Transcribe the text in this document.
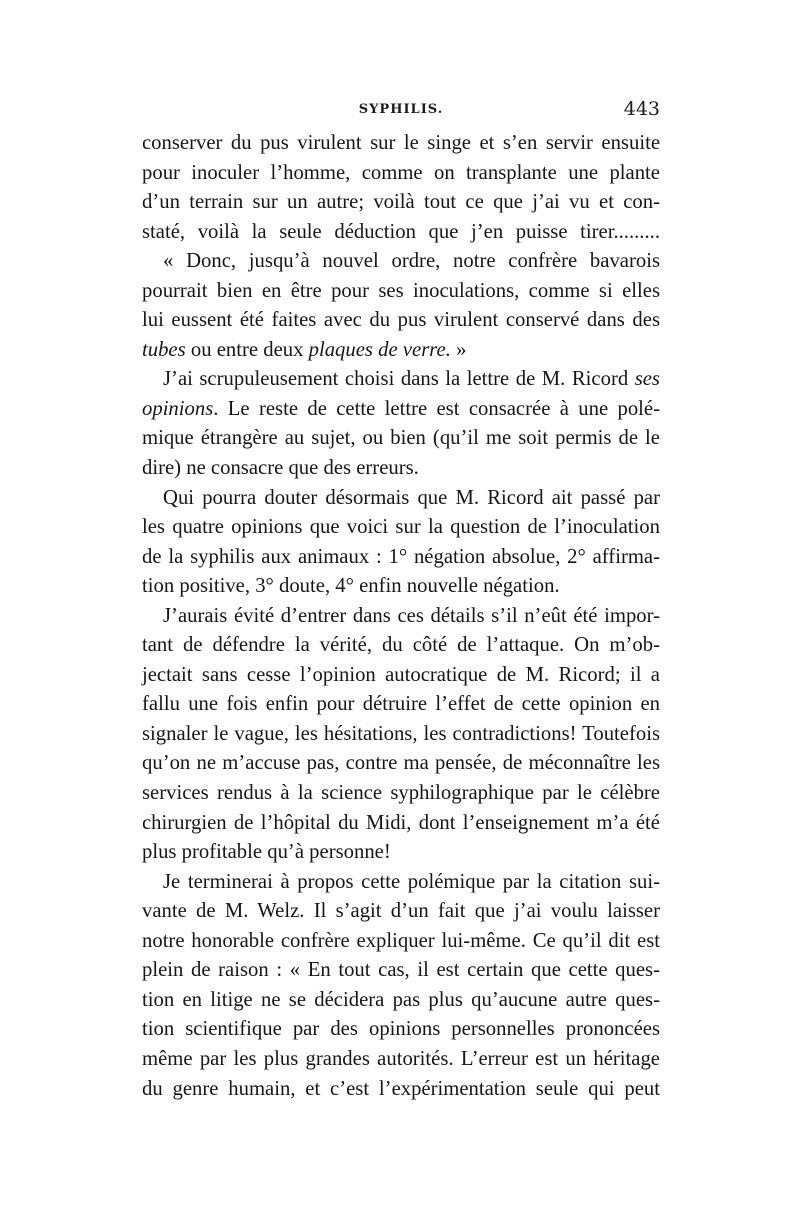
SYPHILIS.	443
conserver du pus virulent sur le singe et s’en servir ensuite
pour inoculer l’homme, comme on transplante une plante
d’un terrain sur un autre; voilà tout ce que j’ai vu et con-
staté, voilà la seule déduction que j’en puisse tirer.........
« Donc, jusqu’à nouvel ordre, notre confrère bavarois
pourrait bien en être pour ses inoculations, comme si elles
lui eussent été faites avec du pus virulent conservé dans des
tubes ou entre deux plaques de verre. »
J’ai scrupuleusement choisi dans la lettre de M. Ricord ses
opinions. Le reste de cette lettre est consacrée à une polé-
mique étrangère au sujet, ou bien (qu’il me soit permis de le
dire) ne consacre que des erreurs.
Qui pourra douter désormais que M. Ricord ait passé par
les quatre opinions que voici sur la question de l’inoculation
de la syphilis aux animaux : 1° négation absolue, 2° affirma-
tion positive, 3° doute, 4° enfin nouvelle négation.
J’aurais évité d’entrer dans ces détails s’il n’eût été impor-
tant de défendre la vérité, du côté de l’attaque. On m’ob-
jectait sans cesse l’opinion autocratique de M. Ricord; il a
fallu une fois enfin pour détruire l’effet de cette opinion en
signaler le vague, les hésitations, les contradictions! Toutefois
qu’on ne m’accuse pas, contre ma pensée, de méconnaître les
services rendus à la science syphilographique par le célèbre
chirurgien de l’hôpital du Midi, dont l’enseignement m’a été
plus profitable qu’à personne!
Je terminerai à propos cette polémique par la citation sui-
vante de M. Welz. Il s’agit d’un fait que j’ai voulu laisser
notre honorable confrère expliquer lui-même. Ce qu’il dit est
plein de raison : « En tout cas, il est certain que cette ques-
tion en litige ne se décidera pas plus qu’aucune autre ques-
tion scientifique par des opinions personnelles prononcées
même par les plus grandes autorités. L’erreur est un héritage
du genre humain, et c’est l’expérimentation seule qui peut
